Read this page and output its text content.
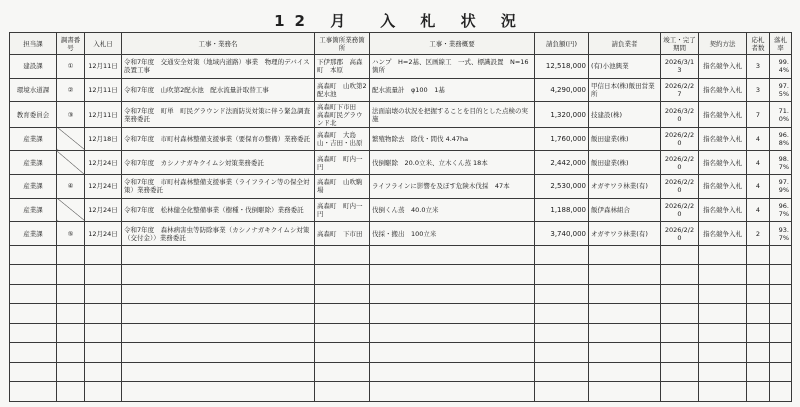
12 月　入 札 状 況
担当課	調書番号	入札日	工事・業務名	工事箇所業務箇所	工事・業務概要	請負額(円)	請負業者	竣工・完了期間	契約方法	応札者数	落札率
建設課	①	12月11日	令和7年度　交通安全対策（地域内道路）事業　物理的デバイス設置工事	下伊那郡　高森町　本原	ハンプ　H=2基、区画線工　一式、標識設置　N=16箇所	12,518,000	(有)小池興業	2026/3/13	指名競争入札	3	99.4%
環境水道課	②	12月11日	令和7年度　山吹第2配水池　配水流量計取替工事	高森町　山吹第2配水池	配水流量計　φ100　1基	4,290,000	甲信日本(株)飯田営業所	2026/2/27	指名競争入札	3	97.5%
教育委員会	③	12月11日	令和7年度　町単　町民グラウンド法面防災対策に伴う緊急調査業務委託	高森町下市田　高森町民グラウンド北	法面崩壊の状況を把握することを目的とした点検の実施	1,320,000	技建設(株)	2026/3/20	指名競争入札	7	71.0%
産業課		12月18日	令和7年度　市町村森林整備支援事業（要保育の整備）業務委託	高森町　大島山・吉田・出原	繁殖物除去　除伐・間伐 4.47ha	1,760,000	飯田建業(株)	2026/2/20	指名競争入札	4	96.8%
産業課		12月24日	令和7年度　カシノナガキクイムシ対策業務委託	高森町　町内一円	伐倒駆除　20.0立米、立木くん蒸 18本	2,442,000	飯田建業(株)	2026/2/20	指名競争入札	4	98.7%
産業課	④	12月24日	令和7年度　市町村森林整備支援事業（ライフライン等の保全対策）業務委託	高森町　山吹駒場	ライフラインに影響を及ぼす危険木伐採　47本	2,530,000	オガサワラ林業(有)	2026/2/20	指名競争入札	4	97.9%
産業課		12月24日	令和7年度　松林健全化整備事業（樹種・伐倒駆除）業務委託	高森町　町内一円	伐倒くん蒸　40.0立米	1,188,000	飯伊森林組合	2026/2/20	指名競争入札	4	96.7%
産業課	⑤	12月24日	令和7年度　森林病害虫等防除事業（カシノナガキクイムシ対策（交付金））業務委託	高森町　下市田	伐採・搬出　100立米	3,740,000	オガサワラ林業(有)	2026/2/20	指名競争入札	2	93.7%
